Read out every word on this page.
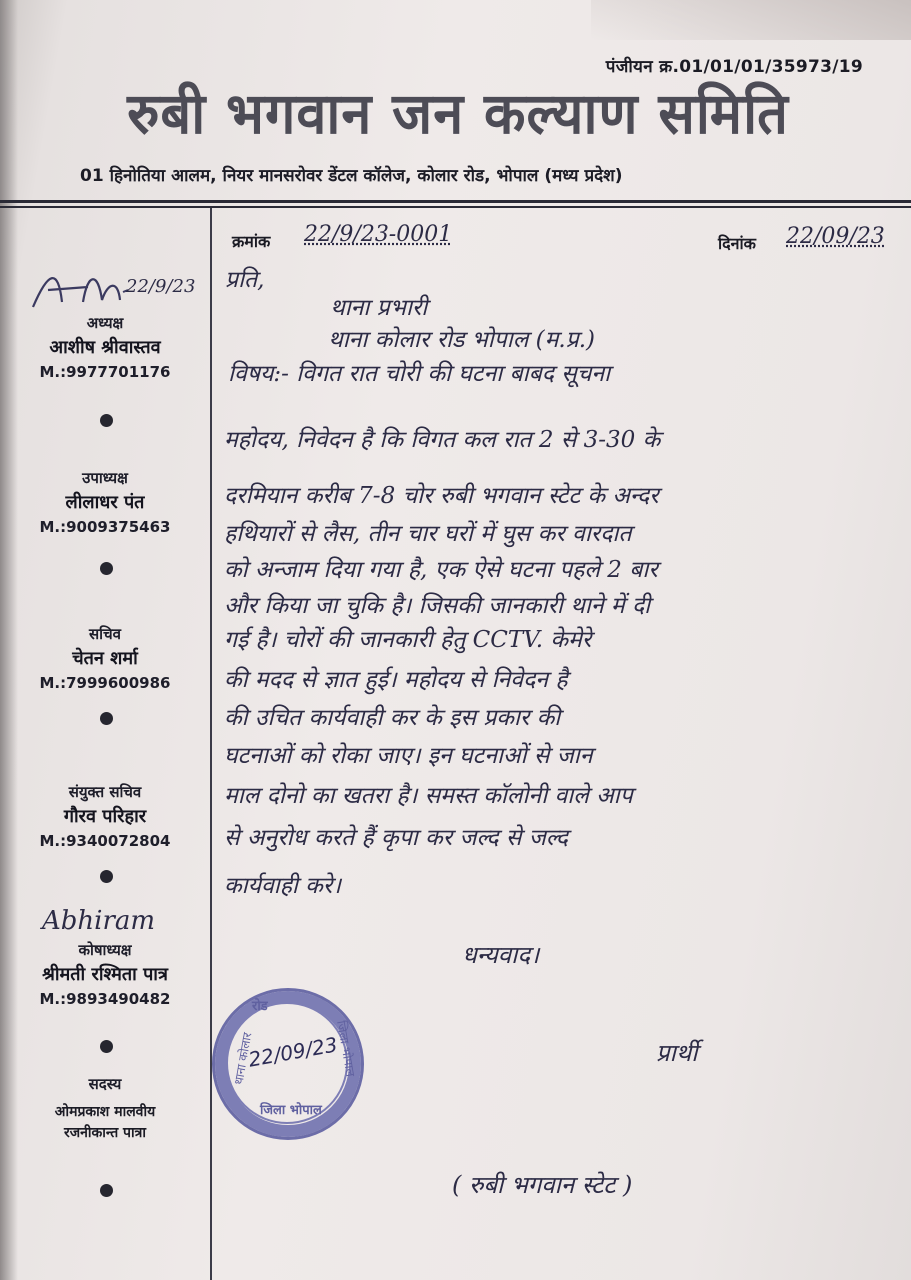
पंजीयन क्र.01/01/01/35973/19
रुबी भगवान जन कल्याण समिति
01 हिनोतिया आलम, नियर मानसरोवर डेंटल कॉलेज, कोलार रोड, भोपाल (मध्य प्रदेश)
22/9/23
अध्यक्ष
आशीष श्रीवास्तव
M.:9977701176
उपाध्यक्ष
लीलाधर पंत
M.:9009375463
सचिव
चेतन शर्मा
M.:7999600986
संयुक्त सचिव
गौरव परिहार
M.:9340072804
Abhiram
कोषाध्यक्ष
श्रीमती रश्मिता पात्र
M.:9893490482
सदस्य
ओमप्रकाश मालवीय
रजनीकान्त पात्रा
क्रमांक 22/9/23-0001	दिनांक 22/09/23
प्रति,
थाना प्रभारी
थाना कोलार रोड भोपाल (म.प्र.)
विषय:- विगत रात चोरी की घटना बाबद सूचना
महोदय, निवेदन है कि विगत कल रात 2 से 3-30 के
दरमियान करीब 7-8 चोर रुबी भगवान स्टेट के अन्दर
हथियारों से लैस, तीन चार घरों में घुस कर वारदात
को अन्जाम दिया गया है, एक ऐसे घटना पहले 2 बार
और किया जा चुकि है। जिसकी जानकारी थाने में दी
गई है। चोरों की जानकारी हेतु CCTV. केमेरे
की मदद से ज्ञात हुई। महोदय से निवेदन है
की उचित कार्यवाही कर के इस प्रकार की
घटनाओं को रोका जाए। इन घटनाओं से जान
माल दोनो का खतरा है। समस्त कॉलोनी वाले आप
से अनुरोध करते हैं कृपा कर जल्द से जल्द
कार्यवाही करे।
धन्यवाद।
प्रार्थी
( रुबी भगवान स्टेट )
रोड
थाना कोलार	जिला भोपाल
जिला भोपाल
22/09/23
